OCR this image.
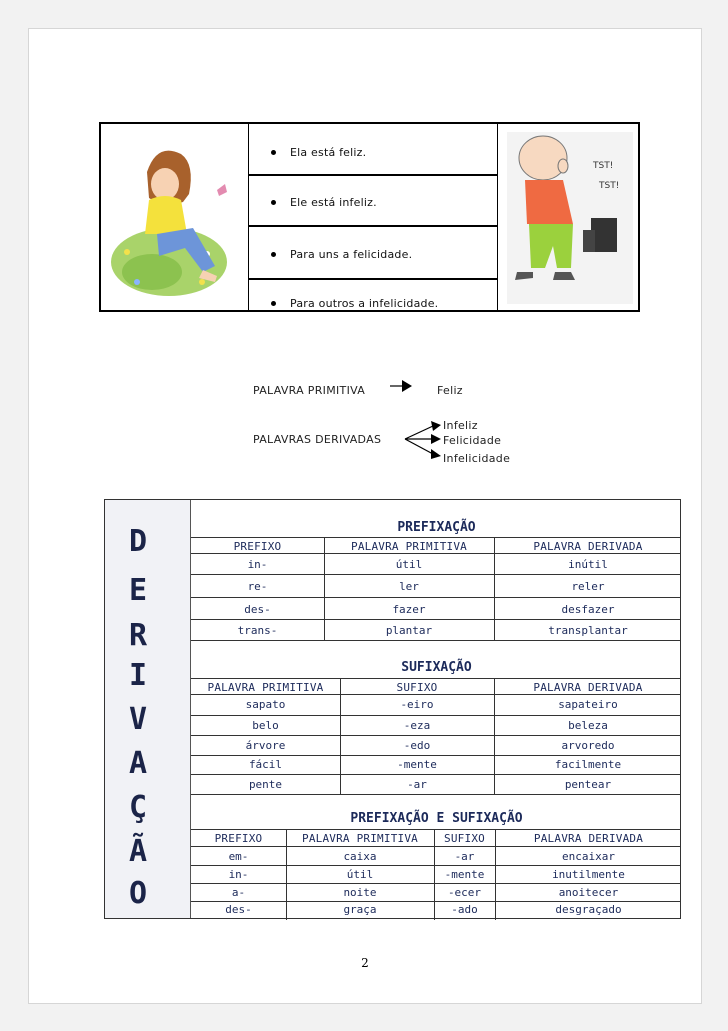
Ela está feliz.
Ele está infeliz.
Para uns a felicidade.
Para outros a infelicidade.
TST!
TST!
PALAVRA PRIMITIVA	Feliz
PALAVRAS DERIVADAS
Infeliz
Felicidade
Infelicidade
D
E
R
I
V
A
Ç
Ã
O
PREFIXAÇÃO
PREFIXO	PALAVRA PRIMITIVA	PALAVRA DERIVADA
in-	útil	inútil
re-	ler	reler
des-	fazer	desfazer
trans-	plantar	transplantar
SUFIXAÇÃO
PALAVRA PRIMITIVA	SUFIXO	PALAVRA DERIVADA
sapato	-eiro	sapateiro
belo	-eza	beleza
árvore	-edo	arvoredo
fácil	-mente	facilmente
pente	-ar	pentear
PREFIXAÇÃO E SUFIXAÇÃO
PREFIXO	PALAVRA PRIMITIVA	SUFIXO	PALAVRA DERIVADA
em-	caixa	-ar	encaixar
in-	útil	-mente	inutilmente
a-	noite	-ecer	anoitecer
des-	graça	-ado	desgraçado
2
